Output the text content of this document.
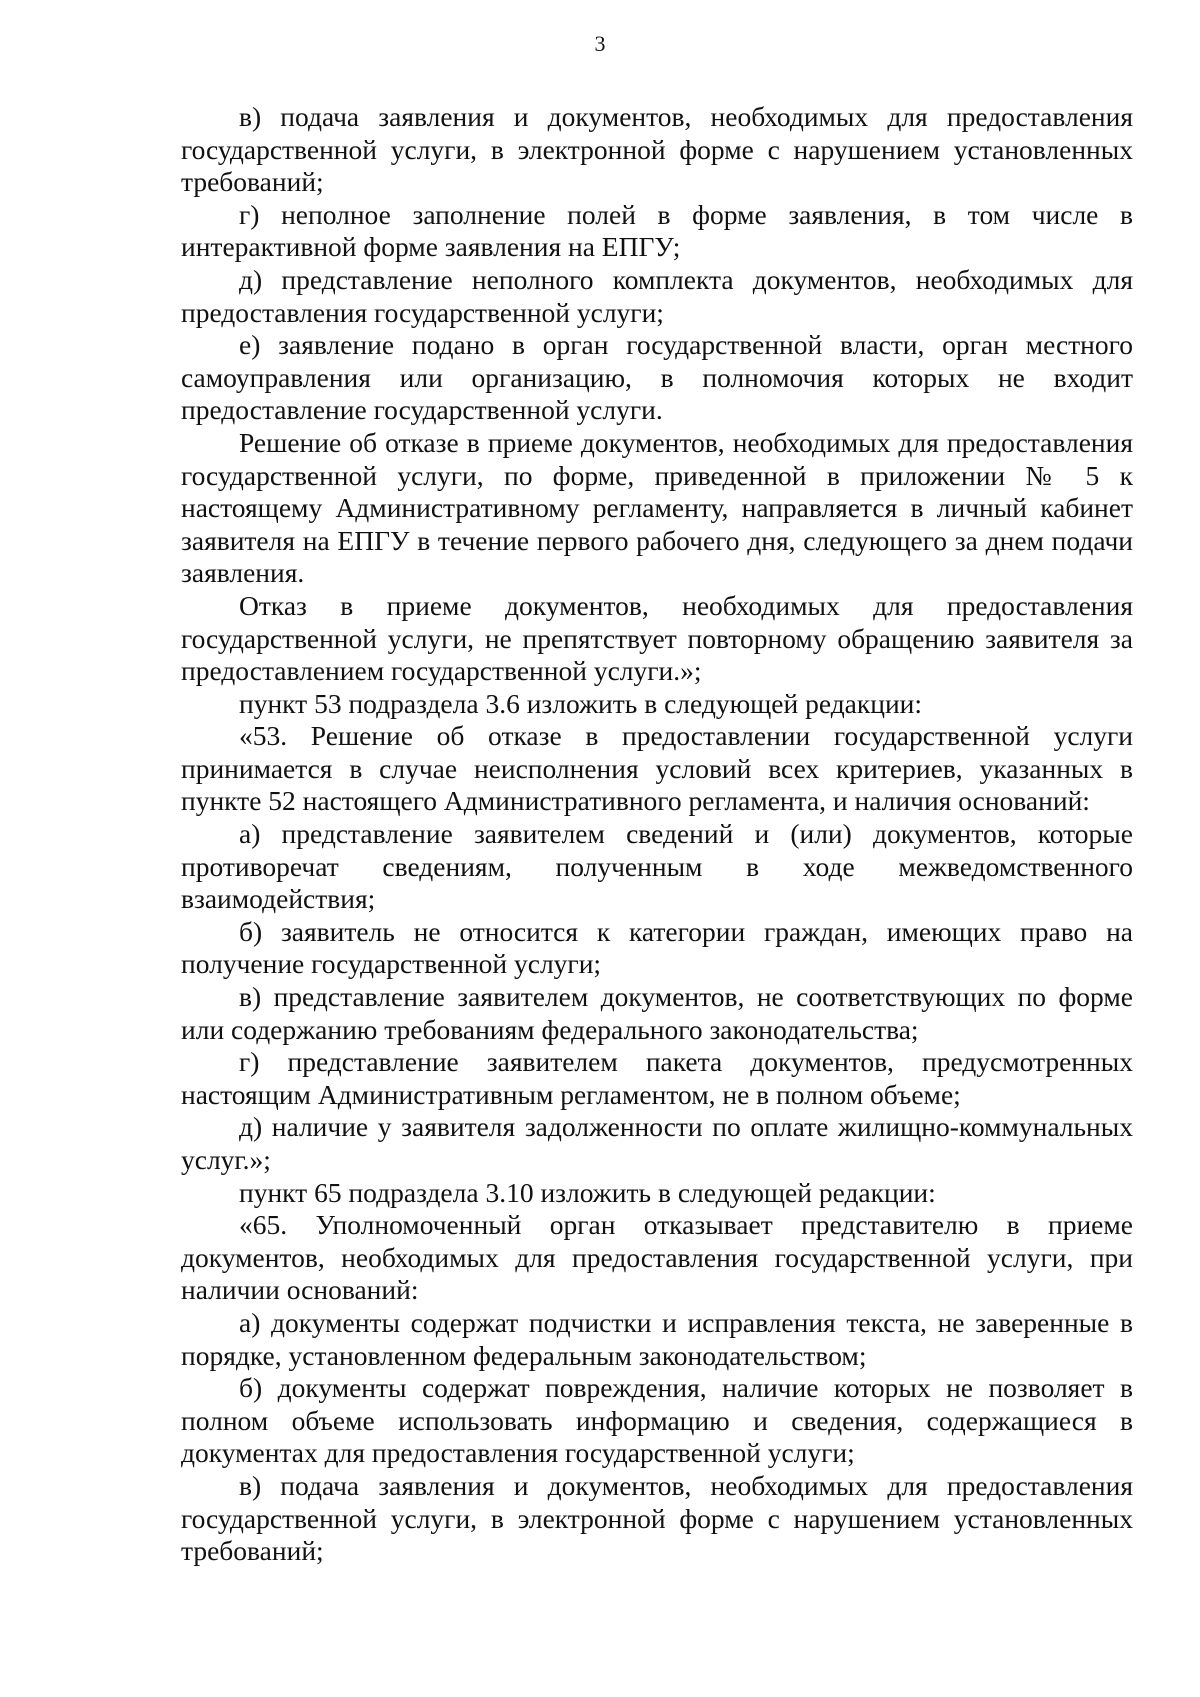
3

в) подача заявления и документов, необходимых для предоставления государственной услуги, в электронной форме с нарушением установленных требований;

г) неполное заполнение полей в форме заявления, в том числе в интерактивной форме заявления на ЕПГУ;

д) представление неполного комплекта документов, необходимых для предоставления государственной услуги;

е) заявление подано в орган государственной власти, орган местного самоуправления или организацию, в полномочия которых не входит предоставление государственной услуги.

Решение об отказе в приеме документов, необходимых для предоставления государственной услуги, по форме, приведенной в приложении № 5 к настоящему Административному регламенту, направляется в личный кабинет заявителя на ЕПГУ в течение первого рабочего дня, следующего за днем подачи заявления.

Отказ в приеме документов, необходимых для предоставления государственной услуги, не препятствует повторному обращению заявителя за предоставлением государственной услуги.»;

пункт 53 подраздела 3.6 изложить в следующей редакции:

«53. Решение об отказе в предоставлении государственной услуги принимается в случае неисполнения условий всех критериев, указанных в пункте 52 настоящего Административного регламента, и наличия оснований:

а) представление заявителем сведений и (или) документов, которые противоречат сведениям, полученным в ходе межведомственного взаимодействия;

б) заявитель не относится к категории граждан, имеющих право на получение государственной услуги;

в) представление заявителем документов, не соответствующих по форме или содержанию требованиям федерального законодательства;

г) представление заявителем пакета документов, предусмотренных настоящим Административным регламентом, не в полном объеме;

д) наличие у заявителя задолженности по оплате жилищно-коммунальных услуг.»;

пункт 65 подраздела 3.10 изложить в следующей редакции:

«65. Уполномоченный орган отказывает представителю в приеме документов, необходимых для предоставления государственной услуги, при наличии оснований:

а) документы содержат подчистки и исправления текста, не заверенные в порядке, установленном федеральным законодательством;

б) документы содержат повреждения, наличие которых не позволяет в полном объеме использовать информацию и сведения, содержащиеся в документах для предоставления государственной услуги;

в) подача заявления и документов, необходимых для предоставления государственной услуги, в электронной форме с нарушением установленных требований;
